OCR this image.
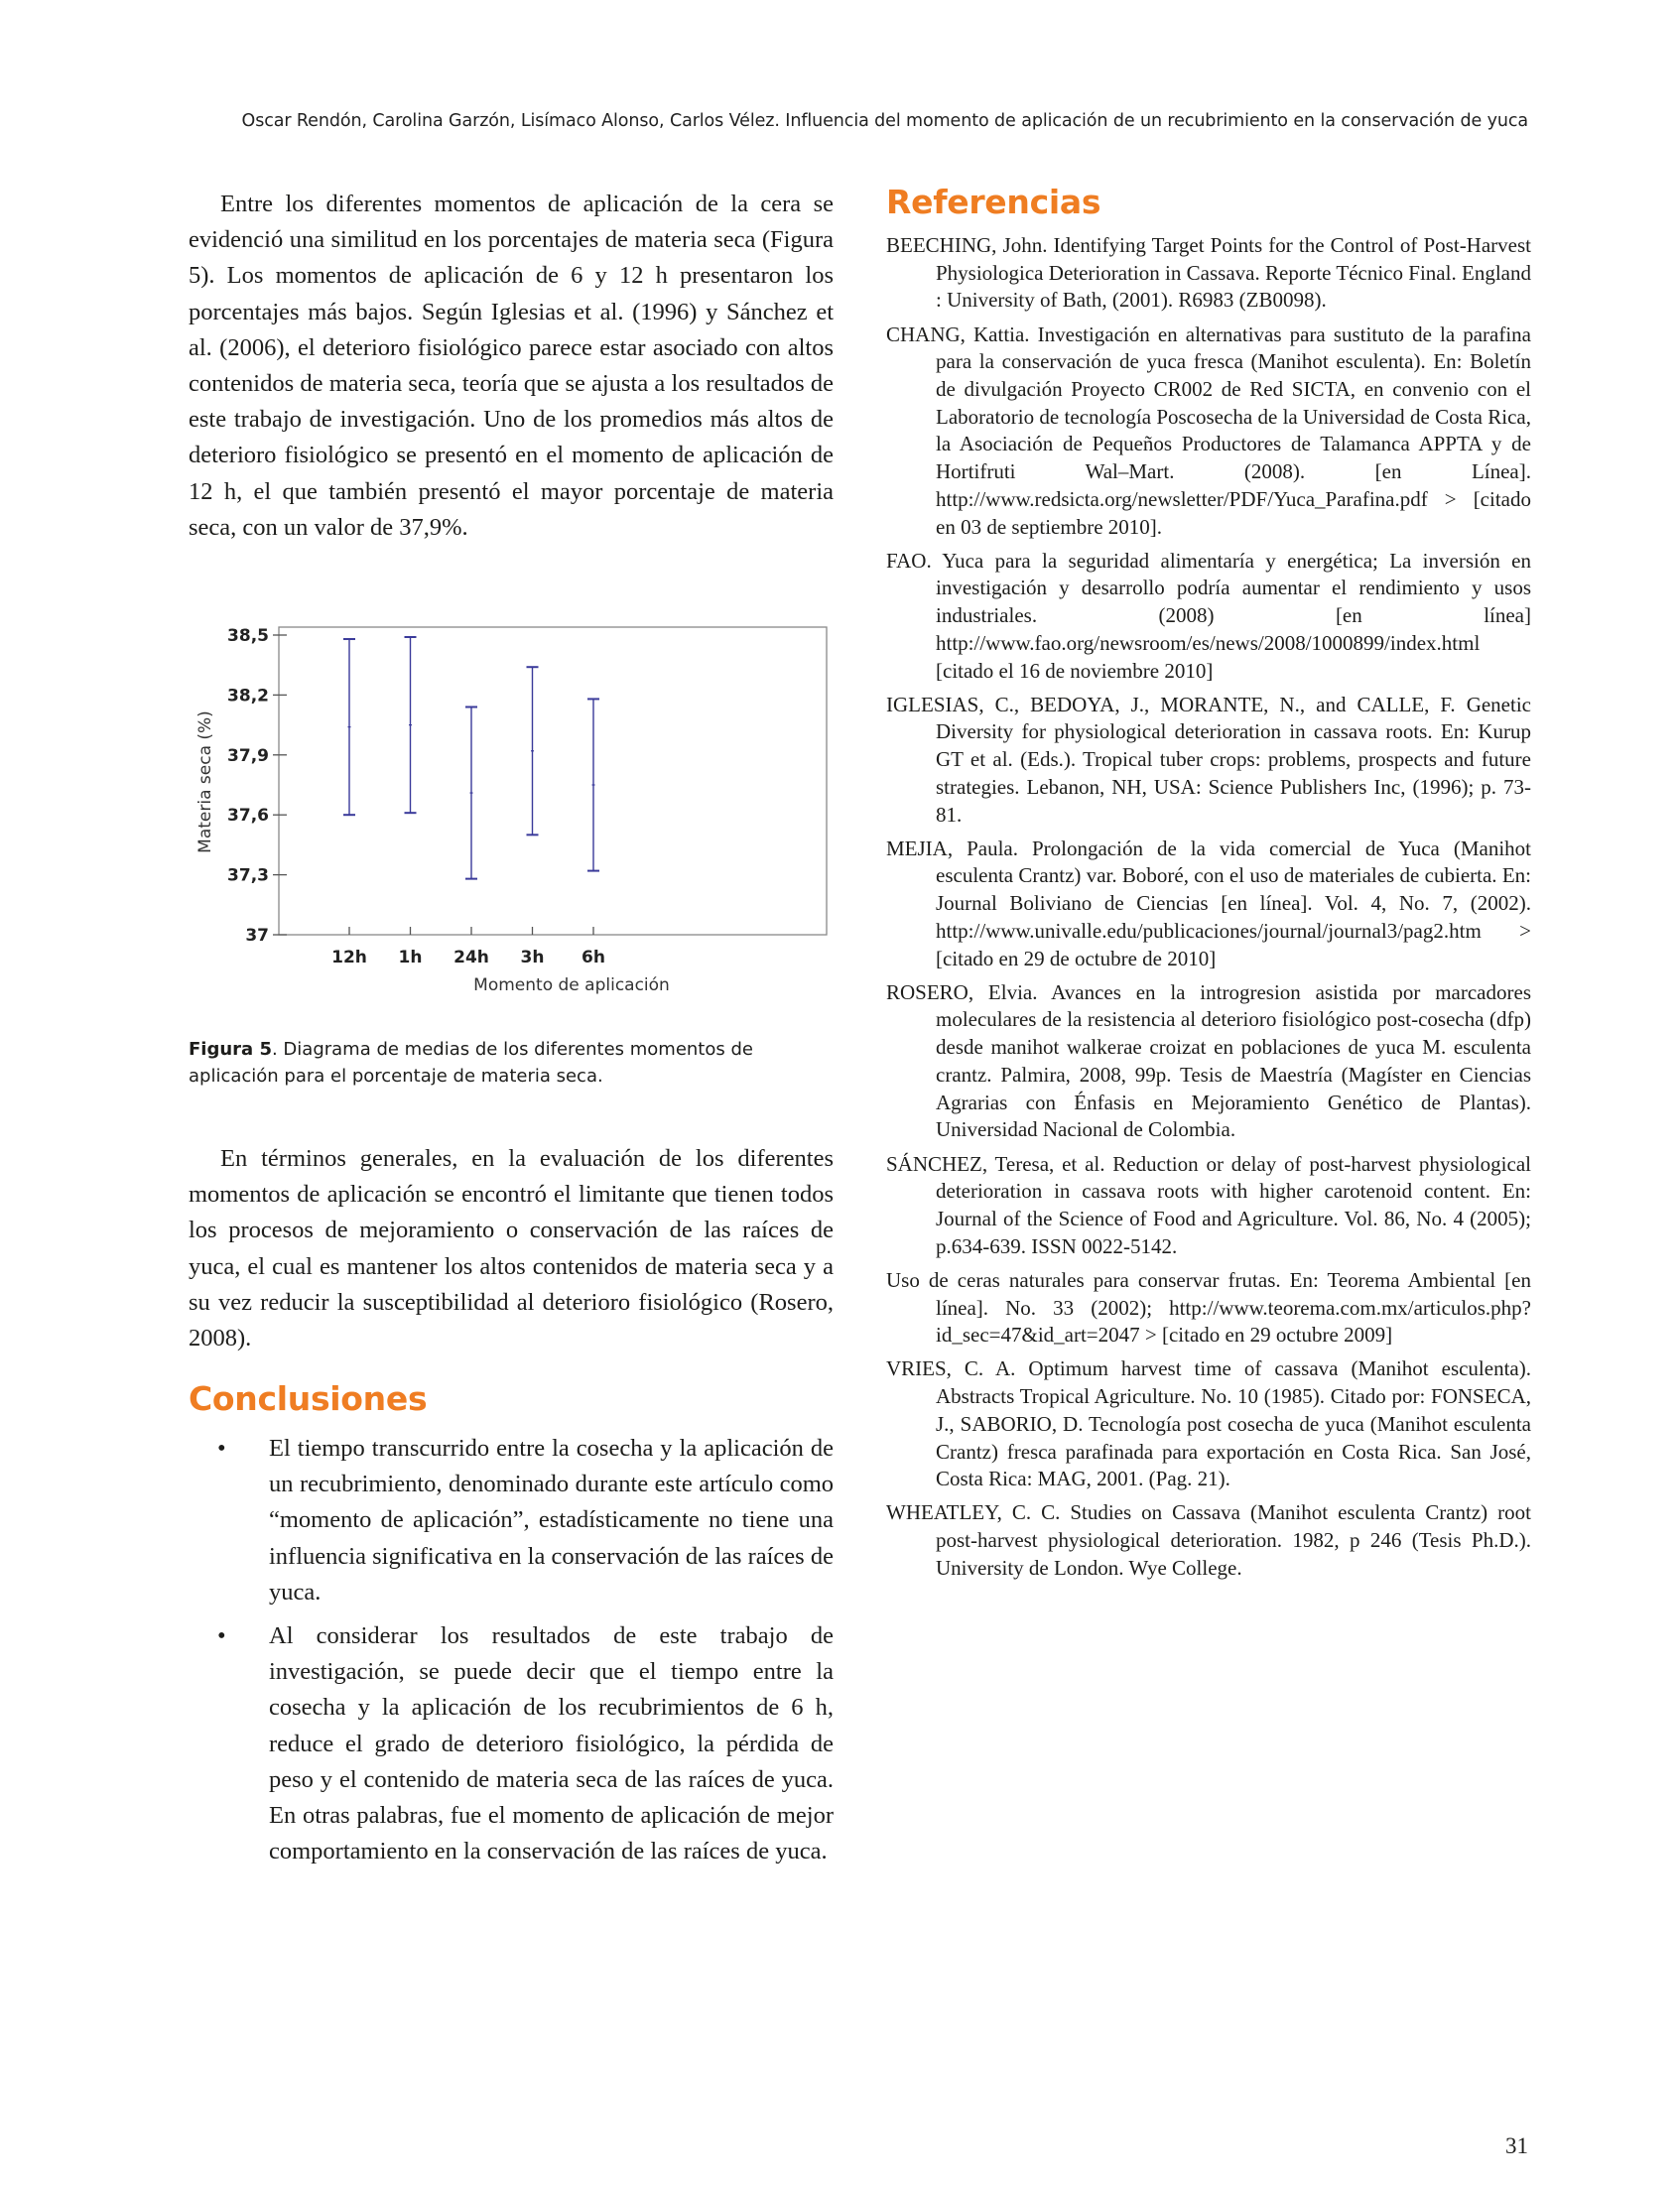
Oscar Rendón, Carolina Garzón, Lisímaco Alonso, Carlos Vélez. Influencia del momento de aplicación de un recubrimiento en la conservación de yuca

Entre los diferentes momentos de aplicación de la cera se evidenció una similitud en los porcentajes de materia seca (Figura 5). Los momentos de aplicación de 6 y 12 h presentaron los porcentajes más bajos. Según Iglesias et al. (1996) y Sánchez et al. (2006), el deterioro fisiológico parece estar asociado con altos contenidos de materia seca, teoría que se ajusta a los resultados de este trabajo de investigación. Uno de los promedios más altos de deterioro fisiológico se presentó en el momento de aplicación de 12 h, el que también presentó el mayor porcentaje de materia seca, con un valor de 37,9%.

37
37,3
37,6
37,9
38,2
38,5
12h 1h 24h 3h 6h
Materia seca (%)
Momento de aplicación

Figura 5. Diagrama de medias de los diferentes momentos de aplicación para el porcentaje de materia seca.

En términos generales, en la evaluación de los diferentes momentos de aplicación se encontró el limitante que tienen todos los procesos de mejoramiento o conservación de las raíces de yuca, el cual es mantener los altos contenidos de materia seca y a su vez reducir la susceptibilidad al deterioro fisiológico (Rosero, 2008).

Conclusiones
• El tiempo transcurrido entre la cosecha y la aplicación de un recubrimiento, denominado durante este artículo como “momento de aplicación”, estadísticamente no tiene una influencia significativa en la conservación de las raíces de yuca.
• Al considerar los resultados de este trabajo de investigación, se puede decir que el tiempo entre la cosecha y la aplicación de los recubrimientos de 6 h, reduce el grado de deterioro fisiológico, la pérdida de peso y el contenido de materia seca de las raíces de yuca. En otras palabras, fue el momento de aplicación de mejor comportamiento en la conservación de las raíces de yuca.
Referencias

BEECHING, John. Identifying Target Points for the Control of Post-Harvest Physiologica Deterioration in Cassava. Reporte Técnico Final. England : University of Bath, (2001). R6983 (ZB0098).

CHANG, Kattia. Investigación en alternativas para sustituto de la parafina para la conservación de yuca fresca (Manihot esculenta). En: Boletín de divulgación Proyecto CR002 de Red SICTA, en convenio con el Laboratorio de tecnología Poscosecha de la Universidad de Costa Rica, la Asociación de Pequeños Productores de Talamanca APPTA y de Hortifruti Wal–Mart. (2008). [en Línea]. http://www.redsicta.org/newsletter/PDF/Yuca_Parafina.pdf > [citado en 03 de septiembre 2010].

FAO. Yuca para la seguridad alimentaría y energética; La inversión en investigación y desarrollo podría aumentar el rendimiento y usos industriales. (2008) [en línea] http://www.fao.org/newsroom/es/news/2008/1000899/index.html [citado el 16 de noviembre 2010]

IGLESIAS, C., BEDOYA, J., MORANTE, N., and CALLE, F. Genetic Diversity for physiological deterioration in cassava roots. En: Kurup GT et al. (Eds.). Tropical tuber crops: problems, prospects and future strategies. Lebanon, NH, USA: Science Publishers Inc, (1996); p. 73-81.

MEJIA, Paula. Prolongación de la vida comercial de Yuca (Manihot esculenta Crantz) var. Boboré, con el uso de materiales de cubierta. En: Journal Boliviano de Ciencias [en línea]. Vol. 4, No. 7, (2002). http://www.univalle.edu/publicaciones/journal/journal3/pag2.htm > [citado en 29 de octubre de 2010]

ROSERO, Elvia. Avances en la introgresion asistida por marcadores moleculares de la resistencia al deterioro fisiológico post-cosecha (dfp) desde manihot walkerae croizat en poblaciones de yuca M. esculenta crantz. Palmira, 2008, 99p. Tesis de Maestría (Magíster en Ciencias Agrarias con Énfasis en Mejoramiento Genético de Plantas). Universidad Nacional de Colombia.

SÁNCHEZ, Teresa, et al. Reduction or delay of post-harvest physiological deterioration in cassava roots with higher carotenoid content. En: Journal of the Science of Food and Agriculture. Vol. 86, No. 4 (2005); p.634-639. ISSN 0022-5142.

Uso de ceras naturales para conservar frutas. En: Teorema Ambiental [en línea]. No. 33 (2002); http://www.teorema.com.mx/articulos.php?id_sec=47&id_art=2047 > [citado en 29 octubre 2009]

VRIES, C. A. Optimum harvest time of cassava (Manihot esculenta). Abstracts Tropical Agriculture. No. 10 (1985). Citado por: FONSECA, J., SABORIO, D. Tecnología post cosecha de yuca (Manihot esculenta Crantz) fresca parafinada para exportación en Costa Rica. San José, Costa Rica: MAG, 2001. (Pag. 21).

WHEATLEY, C. C. Studies on Cassava (Manihot esculenta Crantz) root post-harvest physiological deterioration. 1982, p 246 (Tesis Ph.D.). University de London. Wye College.

31
